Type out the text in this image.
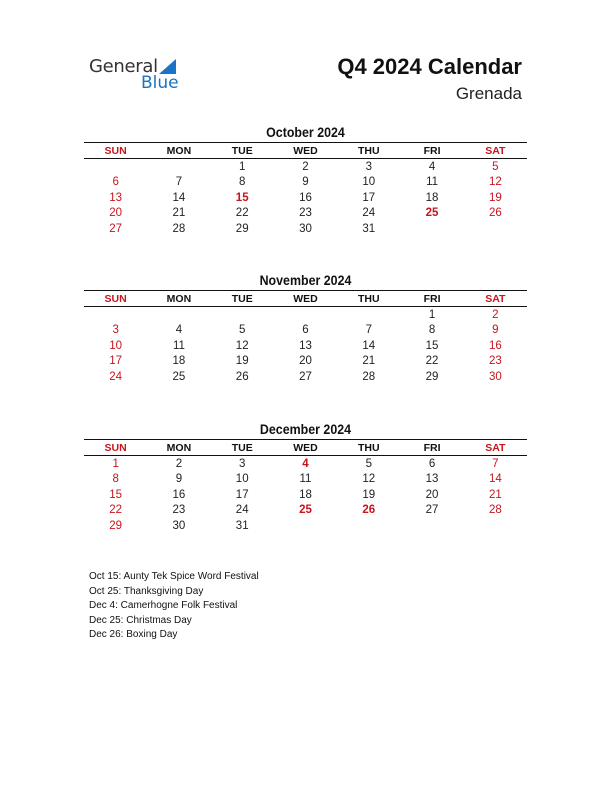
General
Blue
Q4 2024 Calendar
Grenada
October 2024
SUN	MON	TUE	WED	THU	FRI	SAT
		1	2	3	4	5
6	7	8	9	10	11	12
13	14	15	16	17	18	19
20	21	22	23	24	25	26
27	28	29	30	31		
November 2024
SUN	MON	TUE	WED	THU	FRI	SAT
					1	2
3	4	5	6	7	8	9
10	11	12	13	14	15	16
17	18	19	20	21	22	23
24	25	26	27	28	29	30
December 2024
SUN	MON	TUE	WED	THU	FRI	SAT
1	2	3	4	5	6	7
8	9	10	11	12	13	14
15	16	17	18	19	20	21
22	23	24	25	26	27	28
29	30	31				
Oct 15: Aunty Tek Spice Word Festival
Oct 25: Thanksgiving Day
Dec 4: Camerhogne Folk Festival
Dec 25: Christmas Day
Dec 26: Boxing Day
